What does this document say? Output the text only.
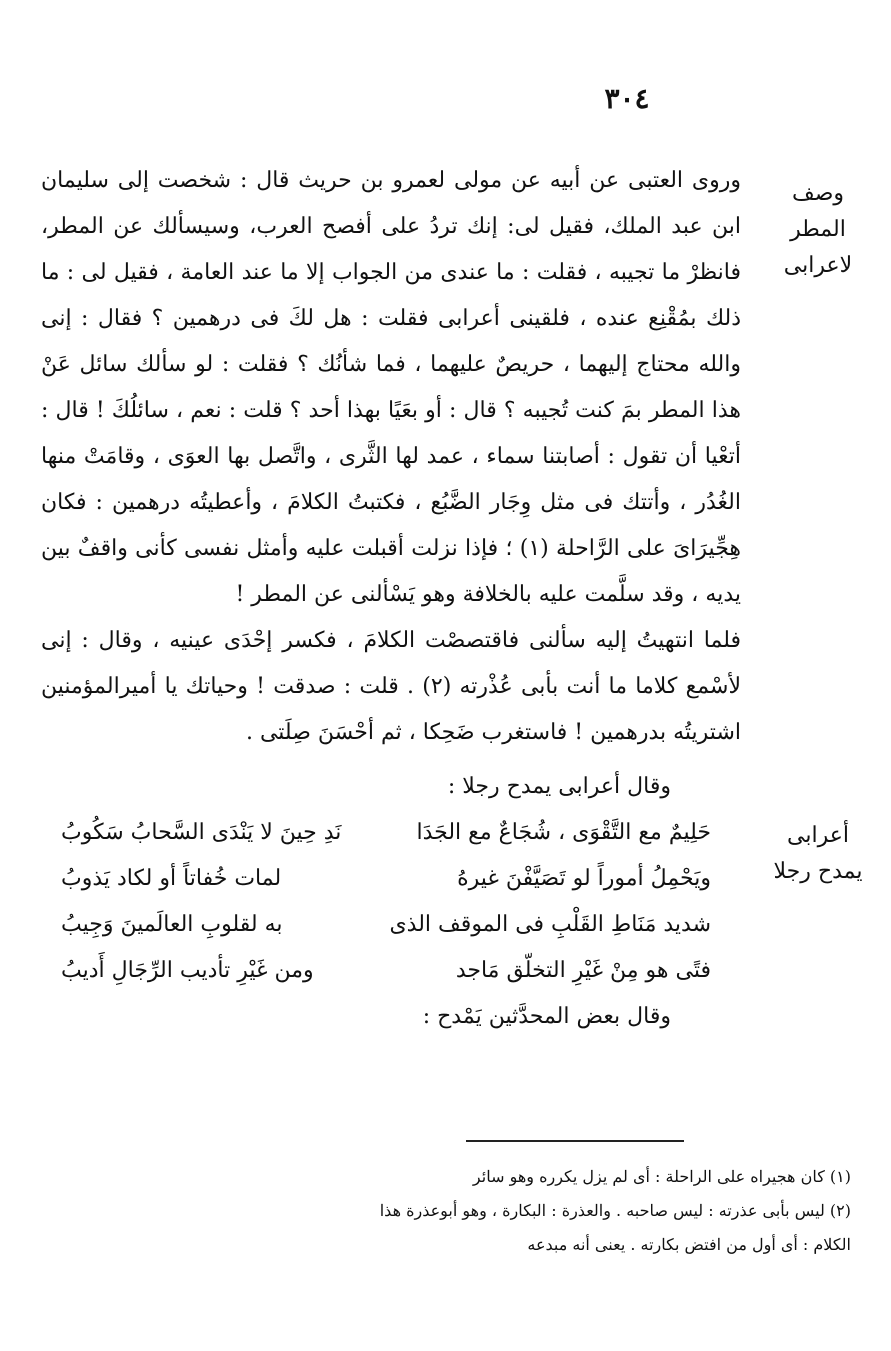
٣٠٤
وصف المطر لاعرابى
أعرابى يمدح رجلا

وروى العتبى عن أبيه عن مولى لعمرو بن حريث قال : شخصت إلى سليمان ابن عبد الملك، فقيل لى: إنك تردُ على أفصح العرب، وسيسألك عن المطر، فانظرْ ما تجيبه ، فقلت : ما عندى من الجواب إلا ما عند العامة ، فقيل لى : ما ذلك بمُقْنِع عنده ، فلقينى أعرابى فقلت : هل لكَ فى درهمين ؟ فقال : إنى والله محتاج إليهما ، حريصٌ عليهما ، فما شأنُك ؟ فقلت : لو سألك سائل عَنْ هذا المطر بمَ كنت تُجيبه ؟ قال : أو بعَيًا بهذا أحد ؟ قلت : نعم ، سائلُكَ ! قال : أتعْيا أن تقول : أصابتنا سماء ، عمد لها الثَّرى ، واتَّصل بها العوَى ، وقامَتْ منها الغُدُر ، وأتتك فى مثل وِجَار الضَّبُع ، فكتبتُ الكلامَ ، وأعطيتُه درهمين : فكان هِجِّيرَاىَ على الرَّاحلة (١) ؛ فإذا نزلت أقبلت عليه وأمثل نفسى كأنى واقفٌ بين يديه ، وقد سلَّمت عليه بالخلافة وهو يَسْألنى عن المطر !

فلما انتهيتُ إليه سألنى فاقتصصْت الكلامَ ، فكسر إحْدَى عينيه ، وقال : إنى لأسْمع كلاما ما أنت بأبى عُذْرته (٢) . قلت : صدقت ! وحياتك يا أميرالمؤمنين اشتريتُه بدرهمين ! فاستغرب ضَحِكا ، ثم أحْسَنَ صِلَتى .

وقال أعرابى يمدح رجلا :

حَلِيمٌ مع التَّقْوَى ، شُجَاعٌ مع الجَدَا
نَدِ حِينَ لا يَنْدَى السَّحابُ سَكُوبُ
ويَحْمِلُ أموراً لو تَصَيَّفْنَ غيرهُ
لمات خُفاتاً أو لكاد يَذوبُ
شديد مَنَاطِ القَلْبِ فى الموقف الذى
به لقلوبِ العالَمينَ وَجِيبُ
فتًى هو مِنْ غَيْرِ التخلّق مَاجد
ومن غَيْرِ تأديب الرِّجَالِ أَديبُ

وقال بعض المحدَّثين يَمْدح :

(١) كان هجيراه على الراحلة : أى لم يزل يكرره وهو سائر
(٢) ليس بأبى عذرته : ليس صاحبه . والعذرة : البكارة ، وهو أبوعذرة هذا
الكلام : أى أول من افتض بكارته . يعنى أنه مبدعه
